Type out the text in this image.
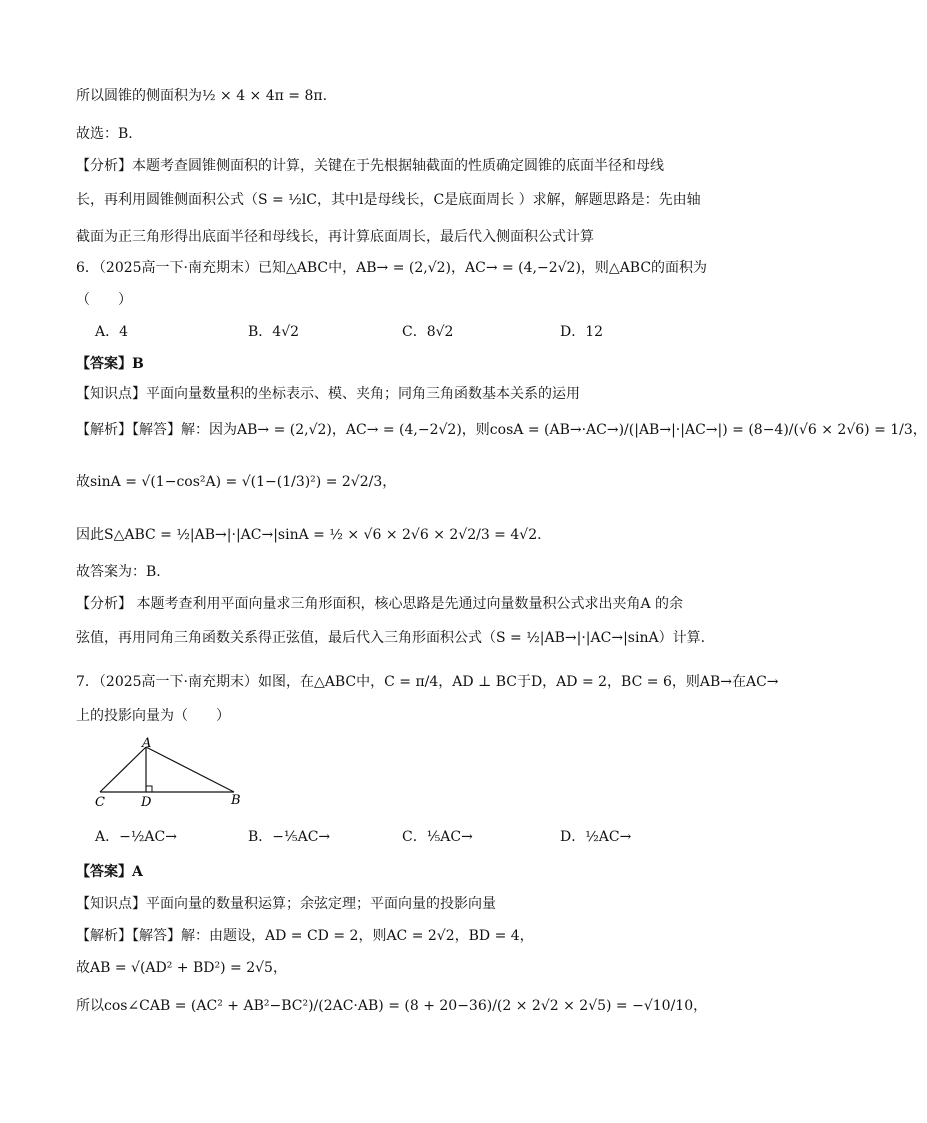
所以圆锥的侧面积为½ × 4 × 4π = 8π.
故选：B.
【分析】本题考查圆锥侧面积的计算，关键在于先根据轴截面的性质确定圆锥的底面半径和母线
长，再利用圆锥侧面积公式（S = ½lC，其中l是母线长，C是底面周长 ）求解，解题思路是：先由轴
截面为正三角形得出底面半径和母线长，再计算底面周长，最后代入侧面积公式计算
6．（2025高一下·南充期末）已知△ABC中，AB→ = (2,√2)，AC→ = (4,−2√2)，则△ABC的面积为
（　　）
A．4	B．4√2	C．8√2	D．12
【答案】B
【知识点】平面向量数量积的坐标表示、模、夹角；同角三角函数基本关系的运用
【解析】【解答】解：因为AB→ = (2,√2)，AC→ = (4,−2√2)，则cosA = (AB→·AC→)/(|AB→|·|AC→|) = (8−4)/(√6 × 2√6) = 1/3，
故sinA = √(1−cos²A) = √(1−(1/3)²) = 2√2/3，
因此S△ABC = ½|AB→|·|AC→|sinA = ½ × √6 × 2√6 × 2√2/3 = 4√2.
故答案为：B.
【分析】 本题考查利用平面向量求三角形面积，核心思路是先通过向量数量积公式求出夹角A 的余
弦值，再用同角三角函数关系得正弦值，最后代入三角形面积公式（S = ½|AB→|·|AC→|sinA）计算.
7．（2025高一下·南充期末）如图，在△ABC中，C = π/4，AD ⊥ BC于D，AD = 2，BC = 6，则AB→在AC→
上的投影向量为（　　）
A
C	D	B
A．−½AC→	B．−⅕AC→	C．⅕AC→	D．½AC→
【答案】A
【知识点】平面向量的数量积运算；余弦定理；平面向量的投影向量
【解析】【解答】解：由题设，AD = CD = 2，则AC = 2√2，BD = 4，
故AB = √(AD² + BD²) = 2√5，
所以cos∠CAB = (AC² + AB²−BC²)/(2AC·AB) = (8 + 20−36)/(2 × 2√2 × 2√5) = −√10/10，
